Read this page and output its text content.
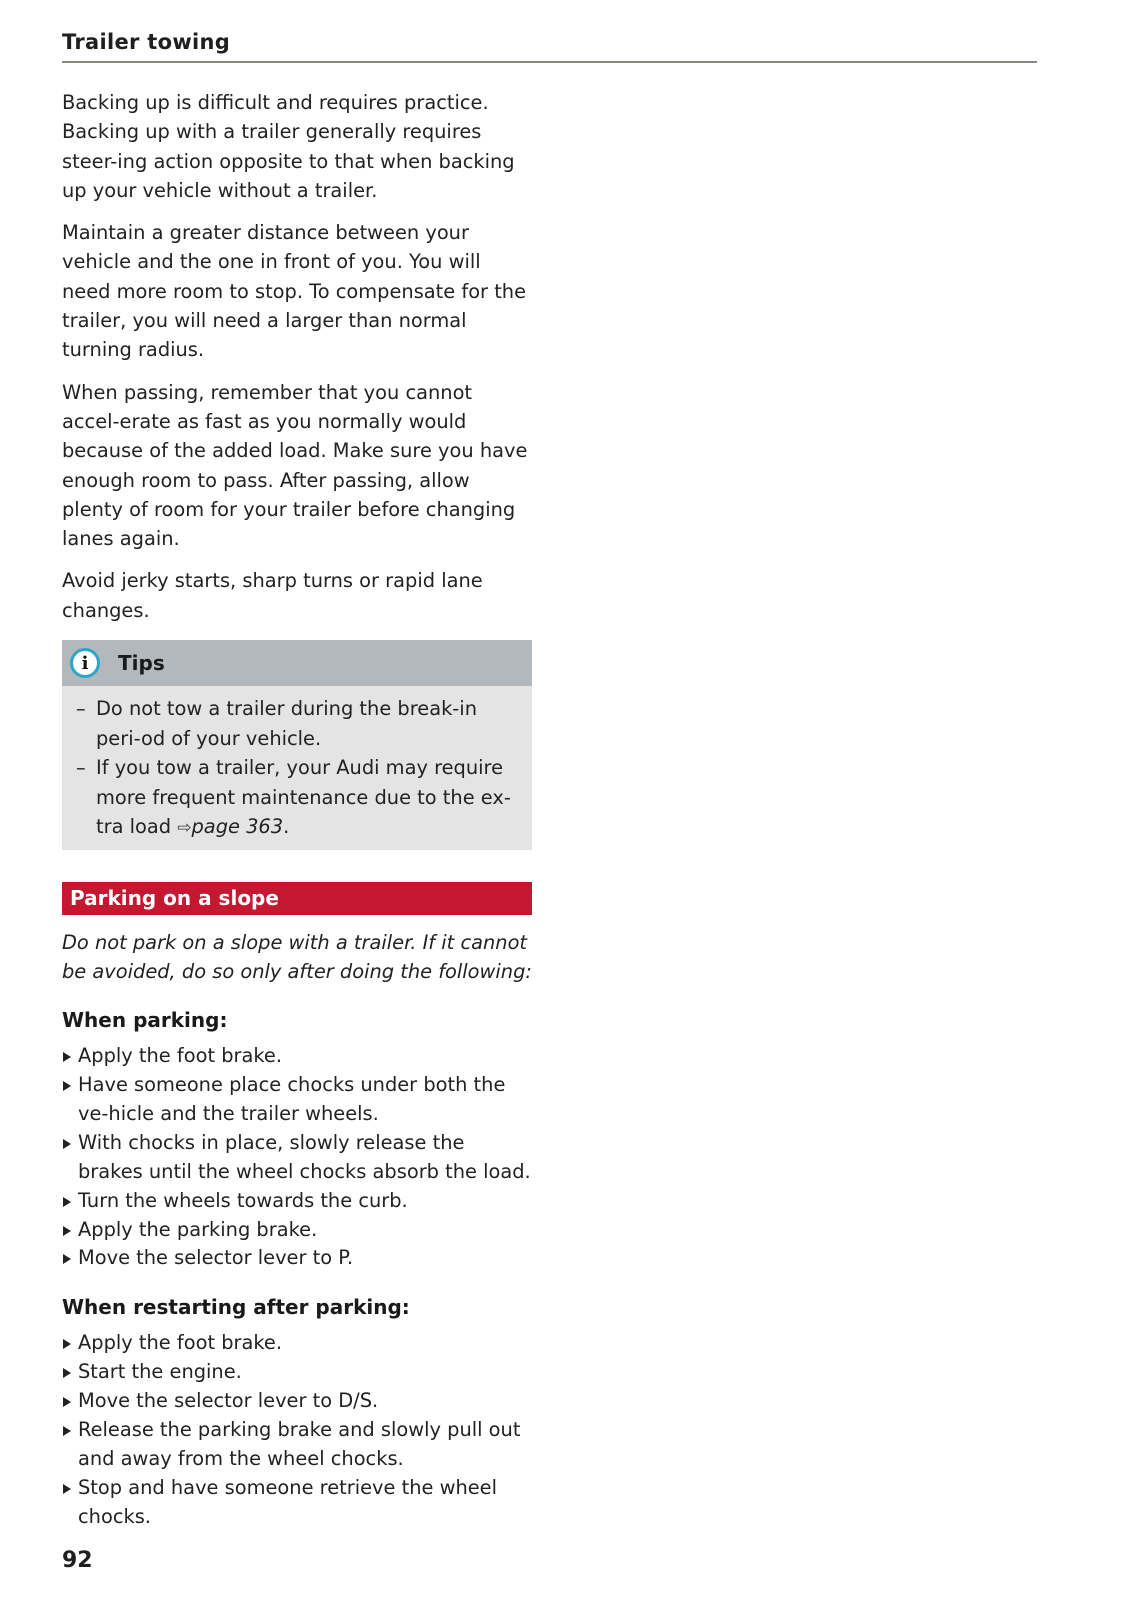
Trailer towing

Backing up is difficult and requires practice. Backing up with a trailer generally requires steer-ing action opposite to that when backing up your vehicle without a trailer.

Maintain a greater distance between your vehicle and the one in front of you. You will need more room to stop. To compensate for the trailer, you will need a larger than normal turning radius.

When passing, remember that you cannot accel-erate as fast as you normally would because of the added load. Make sure you have enough room to pass. After passing, allow plenty of room for your trailer before changing lanes again.

Avoid jerky starts, sharp turns or rapid lane changes.

i	Tips
– Do not tow a trailer during the break-in peri-od of your vehicle.
– If you tow a trailer, your Audi may require more frequent maintenance due to the ex-tra load ⇨page 363.
Parking on a slope

Do not park on a slope with a trailer. If it cannot be avoided, do so only after doing the following:

When parking:
Apply the foot brake.
Have someone place chocks under both the ve-hicle and the trailer wheels.
With chocks in place, slowly release the brakes until the wheel chocks absorb the load.
Turn the wheels towards the curb.
Apply the parking brake.
Move the selector lever to P.
When restarting after parking:
Apply the foot brake.
Start the engine.
Move the selector lever to D/S.
Release the parking brake and slowly pull out and away from the wheel chocks.
Stop and have someone retrieve the wheel chocks.
92
